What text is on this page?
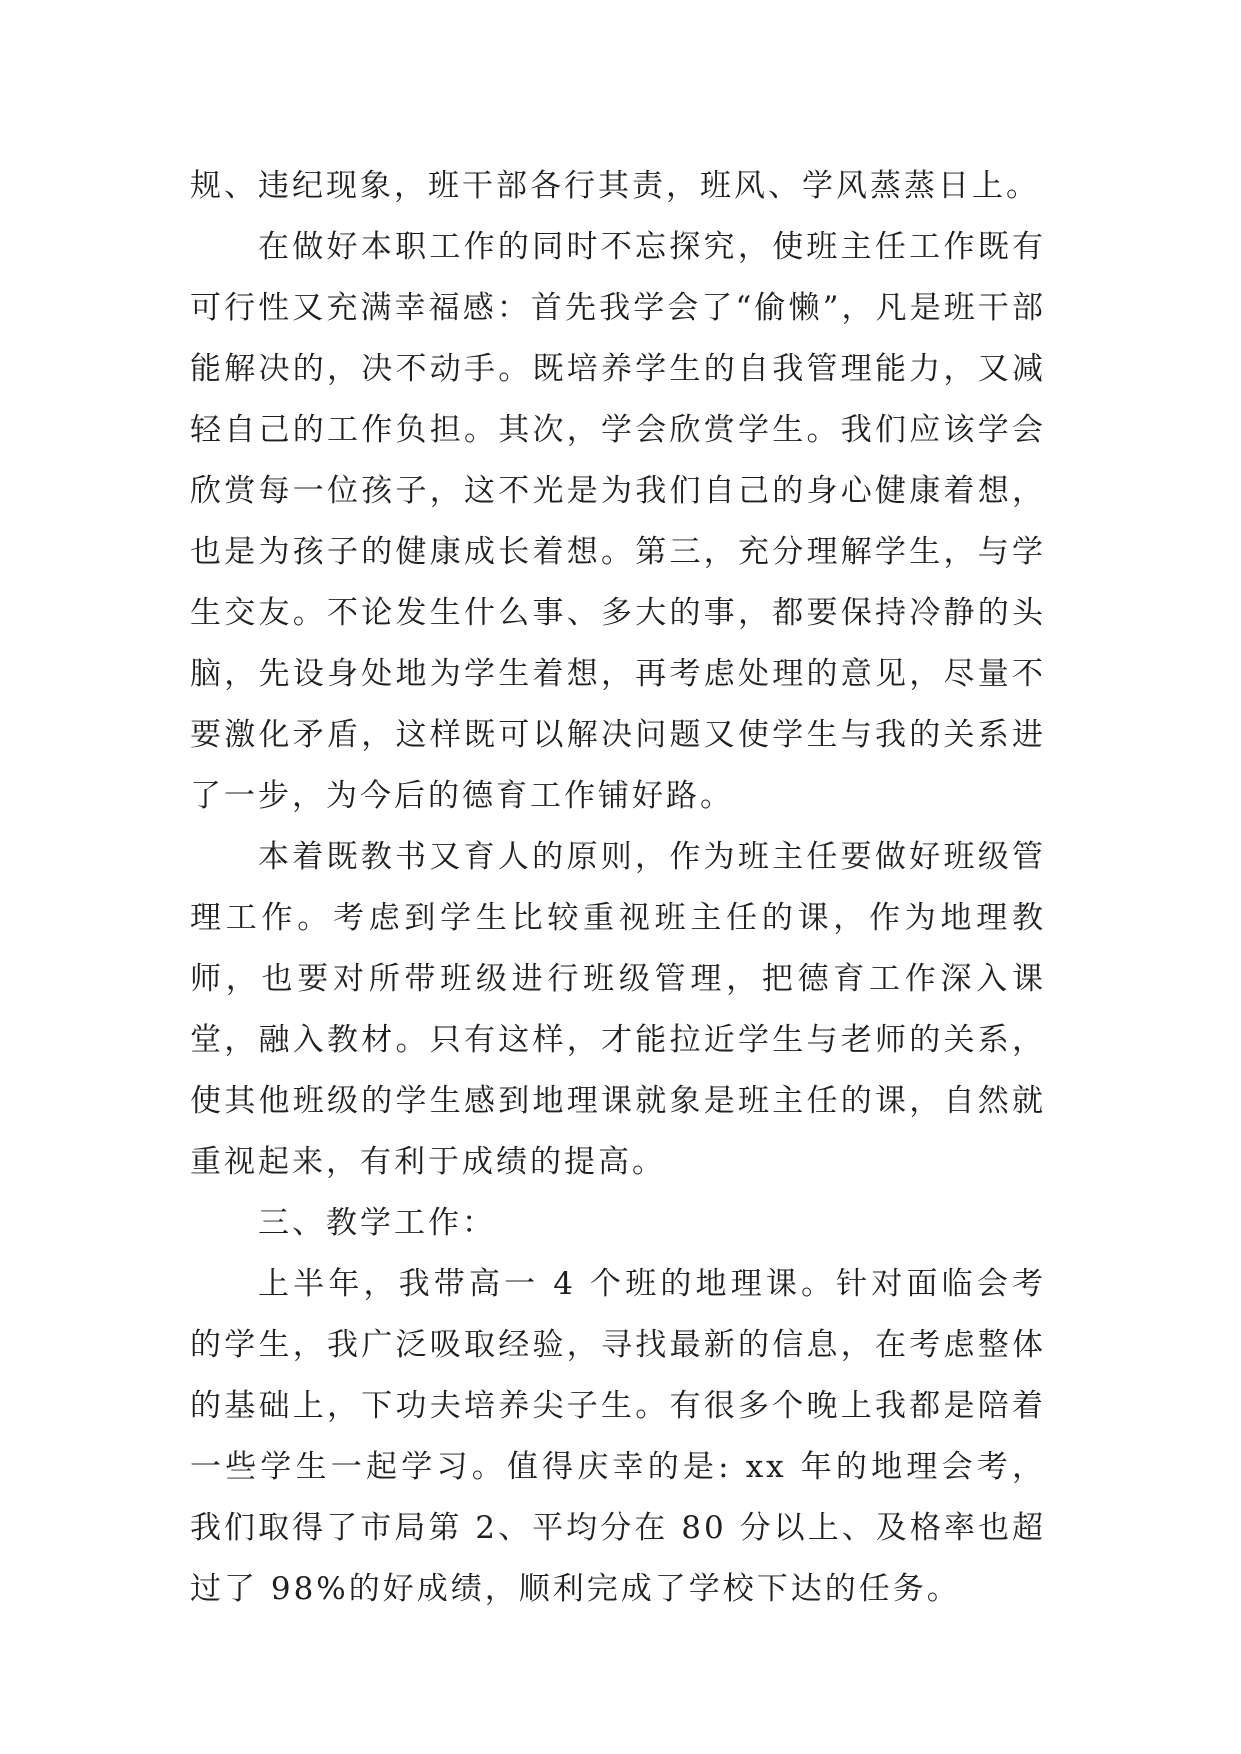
规、违纪现象，班干部各行其责，班风、学风蒸蒸日上。

在做好本职工作的同时不忘探究，使班主任工作既有可行性又充满幸福感：首先我学会了“偷懒”，凡是班干部能解决的，决不动手。既培养学生的自我管理能力，又减轻自己的工作负担。其次，学会欣赏学生。我们应该学会欣赏每一位孩子，这不光是为我们自己的身心健康着想，也是为孩子的健康成长着想。第三，充分理解学生，与学生交友。不论发生什么事、多大的事，都要保持冷静的头脑，先设身处地为学生着想，再考虑处理的意见，尽量不要激化矛盾，这样既可以解决问题又使学生与我的关系进了一步，为今后的德育工作铺好路。

本着既教书又育人的原则，作为班主任要做好班级管理工作。考虑到学生比较重视班主任的课，作为地理教师，也要对所带班级进行班级管理，把德育工作深入课堂，融入教材。只有这样，才能拉近学生与老师的关系，使其他班级的学生感到地理课就象是班主任的课，自然就重视起来，有利于成绩的提高。

三、教学工作：

上半年，我带高一 4 个班的地理课。针对面临会考的学生，我广泛吸取经验，寻找最新的信息，在考虑整体的基础上，下功夫培养尖子生。有很多个晚上我都是陪着一些学生一起学习。值得庆幸的是: xx 年的地理会考，我们取得了市局第 2、平均分在 80 分以上、及格率也超过了 98%的好成绩，顺利完成了学校下达的任务。
